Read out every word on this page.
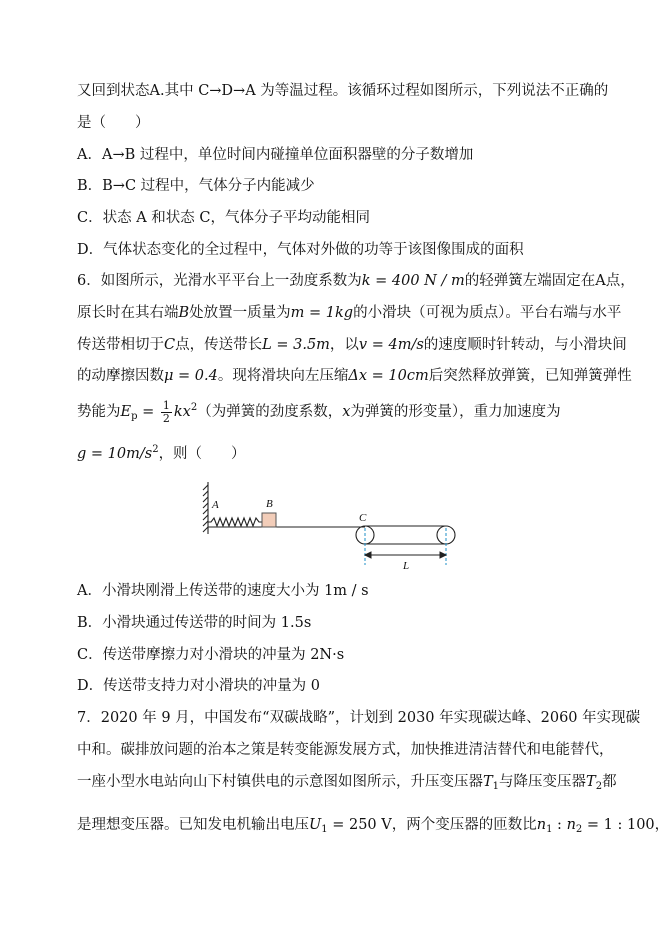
又回到状态A.其中 C→D→A 为等温过程。该循环过程如图所示，下列说法不正确的
是（　　）
A．A→B 过程中，单位时间内碰撞单位面积器壁的分子数增加
B．B→C 过程中，气体分子内能减少
C．状态 A 和状态 C，气体分子平均动能相同
D．气体状态变化的全过程中，气体对外做的功等于该图像围成的面积
6．如图所示，光滑水平平台上一劲度系数为k = 400 N / m的轻弹簧左端固定在A点，
原长时在其右端B处放置一质量为m = 1kg的小滑块（可视为质点）。平台右端与水平
传送带相切于C点，传送带长L = 3.5m，以v = 4m/s的速度顺时针转动，与小滑块间
的动摩擦因数μ = 0.4。现将滑块向左压缩Δx = 10cm后突然释放弹簧，已知弹簧弹性
势能为$E_p = \frac{1}{2} kx^2$（为弹簧的劲度系数，x为弹簧的形变量），重力加速度为
$g = 10m/s^2$，则（　　）
A	B
C
L
A．小滑块刚滑上传送带的速度大小为 1m / s
B．小滑块通过传送带的时间为 1.5s
C．传送带摩擦力对小滑块的冲量为 2N·s
D．传送带支持力对小滑块的冲量为 0
7．2020 年 9 月，中国发布“双碳战略”，计划到 2030 年实现碳达峰、2060 年实现碳
中和。碳排放问题的治本之策是转变能源发展方式，加快推进清洁替代和电能替代，
一座小型水电站向山下村镇供电的示意图如图所示，升压变压器$T_1$与降压变压器$T_2$都
是理想变压器。已知发电机输出电压$U_1 = 250$ V，两个变压器的匝数比$n_1$ : $n_2 = 1$ : 100，
